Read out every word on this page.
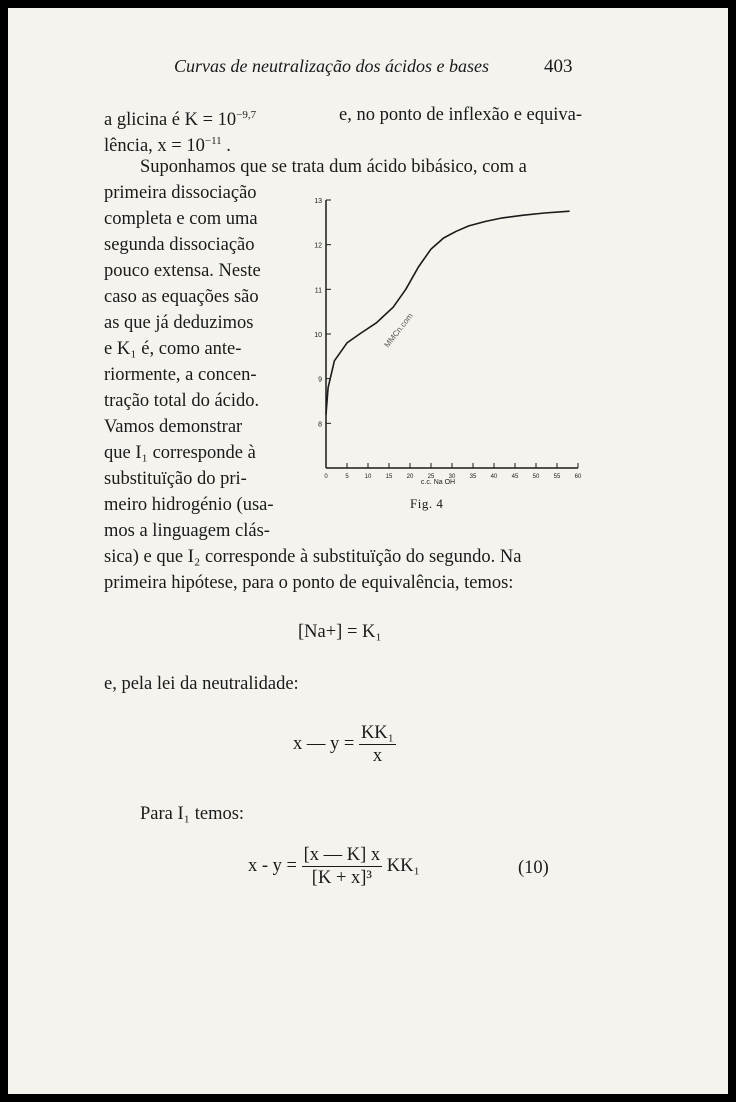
Curvas de neutralização dos ácidos e bases	403
a glicina é $K = 10^{-9,7}$	e, no ponto de inflexão e equiva-
lência, $x = 10^{-11}$ .
Suponhamos que se trata dum ácido bibásico, com a
primeira dissociação
completa e com uma
segunda dissociação
pouco extensa. Neste
caso as equações são
as que já deduzimos
e K₁ é, como ante-
riormente, a concen-
tração total do ácido.
Vamos demonstrar
que I₁ corresponde à
substituïção do pri-
meiro hidrogénio (usa-
mos a linguagem clás-
0	5	10 15 20 25 30 35 40 45 50 55 60
8
9
10
11
12
13
c.c. Na OH
MMCn.com
Fig. 4
sica) e que I₂ corresponde à substituïção do segundo. Na
primeira hipótese, para o ponto de equivalência, temos:
[Na+] = K₁
e, pela lei da neutralidade:
x — $y = \frac{\text{KK₁}}{x}$
Para I₁ temos:
$x - y = \frac{[x — K] x}{\text{[K + x]³}} KK_1$	(10)
